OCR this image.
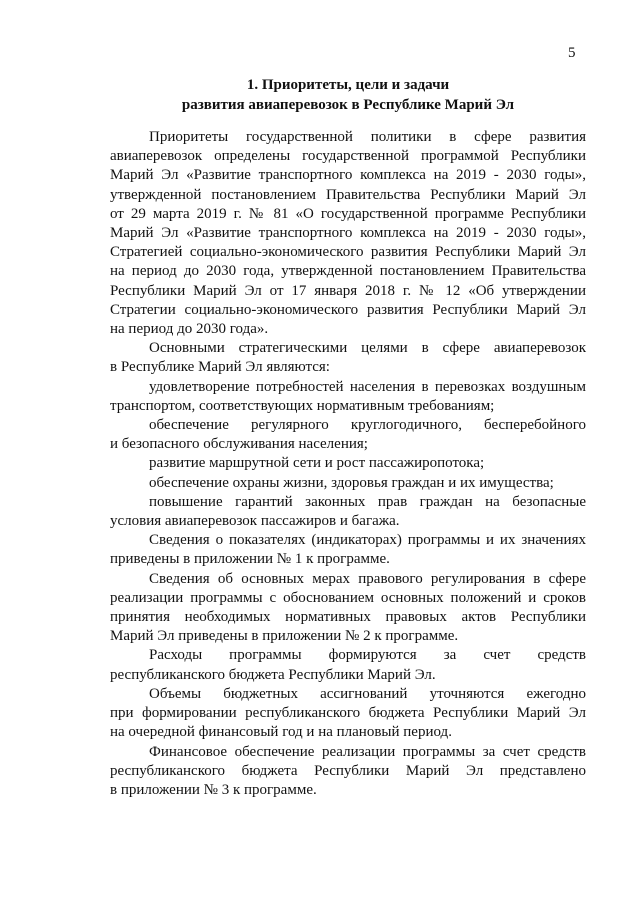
5
1. Приоритеты, цели и задачи
развития авиаперевозок в Республике Марий Эл

Приоритеты государственной политики в сфере развития
авиаперевозок определены государственной программой Республики
Марий Эл «Развитие транспортного комплекса на 2019 - 2030 годы»,
утвержденной постановлением Правительства Республики Марий Эл
от 29 марта 2019 г. № 81 «О государственной программе Республики
Марий Эл «Развитие транспортного комплекса на 2019 - 2030 годы»,
Стратегией социально-экономического развития Республики Марий Эл
на период до 2030 года, утвержденной постановлением Правительства
Республики Марий Эл от 17 января 2018 г. № 12 «Об утверждении
Стратегии социально-экономического развития Республики Марий Эл
на период до 2030 года».

Основными стратегическими целями в сфере авиаперевозок
в Республике Марий Эл являются:

удовлетворение потребностей населения в перевозках воздушным
транспортом, соответствующих нормативным требованиям;

обеспечение регулярного круглогодичного, бесперебойного
и безопасного обслуживания населения;

развитие маршрутной сети и рост пассажиропотока;

обеспечение охраны жизни, здоровья граждан и их имущества;

повышение гарантий законных прав граждан на безопасные
условия авиаперевозок пассажиров и багажа.

Сведения о показателях (индикаторах) программы и их значениях
приведены в приложении № 1 к программе.

Сведения об основных мерах правового регулирования в сфере
реализации программы с обоснованием основных положений и сроков
принятия необходимых нормативных правовых актов Республики
Марий Эл приведены в приложении № 2 к программе.

Расходы программы формируются за счет средств
республиканского бюджета Республики Марий Эл.

Объемы бюджетных ассигнований уточняются ежегодно
при формировании республиканского бюджета Республики Марий Эл
на очередной финансовый год и на плановый период.

Финансовое обеспечение реализации программы за счет средств
республиканского бюджета Республики Марий Эл представлено
в приложении № 3 к программе.
